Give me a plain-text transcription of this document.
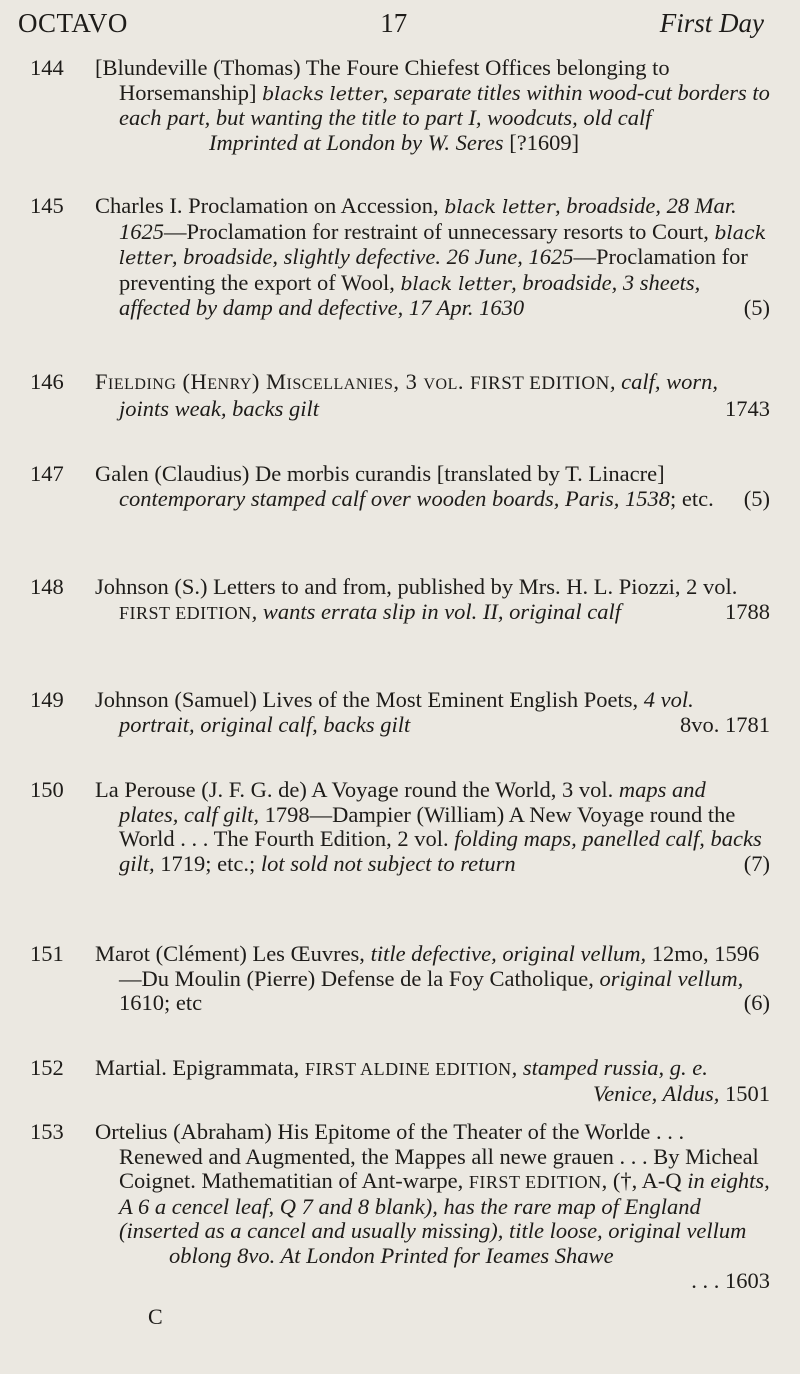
OCTAVO	17	First Day
144 [Blundeville (Thomas) The Foure Chiefest Offices belonging to Horsemanship] blacks letter, separate titles within wood-cut borders to each part, but wanting the title to part I, woodcuts, old calf
Imprinted at London by W. Seres [?1609]
145 Charles I. Proclamation on Accession, black letter, broadside, 28 Mar. 1625—Proclamation for restraint of unnecessary resorts to Court, black letter, broadside, slightly defective. 26 June, 1625—Proclamation for preventing the export of Wool, black letter, broadside, 3 sheets, affected by damp and defective, 17 Apr. 1630	(5)
146 Fielding (Henry) Miscellanies, 3 vol. FIRST EDITION, calf, worn, joints weak, backs gilt	1743
147 Galen (Claudius) De morbis curandis [translated by T. Linacre] contemporary stamped calf over wooden boards, Paris, 1538; etc. (5)
148 Johnson (S.) Letters to and from, published by Mrs. H. L. Piozzi, 2 vol. FIRST EDITION, wants errata slip in vol. II, original calf	1788
149 Johnson (Samuel) Lives of the Most Eminent English Poets, 4 vol. portrait, original calf, backs gilt	8vo. 1781
150 La Perouse (J. F. G. de) A Voyage round the World, 3 vol. maps and plates, calf gilt, 1798—Dampier (William) A New Voyage round the World . . . The Fourth Edition, 2 vol. folding maps, panelled calf, backs gilt, 1719; etc.; lot sold not subject to return	(7)
151 Marot (Clément) Les Œuvres, title defective, original vellum, 12mo, 1596—Du Moulin (Pierre) Defense de la Foy Catholique, original vellum, 1610; etc	(6)
152 Martial. Epigrammata, FIRST ALDINE EDITION, stamped russia, g. e.
Venice, Aldus, 1501
153 Ortelius (Abraham) His Epitome of the Theater of the Worlde . . . Renewed and Augmented, the Mappes all newe grauen . . . By Micheal Coignet. Mathematitian of Ant-warpe, FIRST EDITION, (†, A-Q in eights, A 6 a cencel leaf, Q 7 and 8 blank), has the rare map of England (inserted as a cancel and usually missing), title loose, original vellum
oblong 8vo. At London Printed for Ieames Shawe
. . . 1603
C
